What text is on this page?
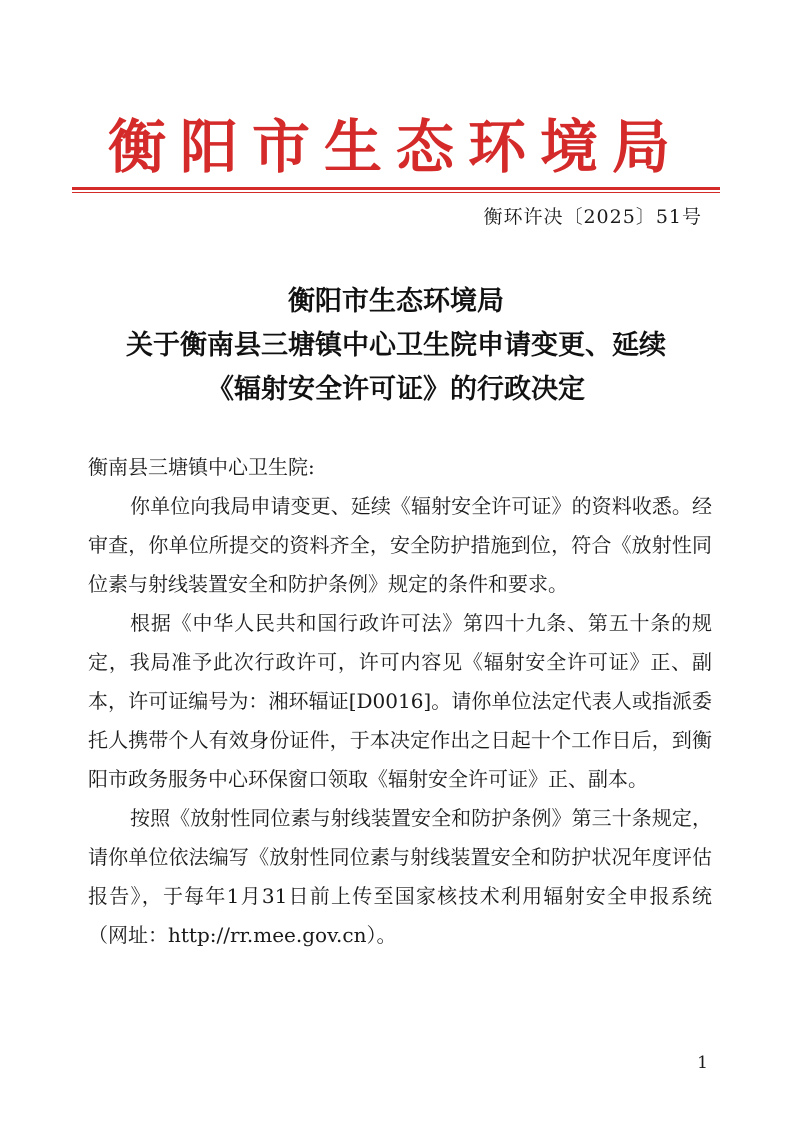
衡阳市生态环境局
衡环许决〔2025〕51号
衡阳市生态环境局
关于衡南县三塘镇中心卫生院申请变更、延续
《辐射安全许可证》的行政决定

衡南县三塘镇中心卫生院:

你单位向我局申请变更、延续《辐射安全许可证》的资料收悉。经审查，你单位所提交的资料齐全，安全防护措施到位，符合《放射性同位素与射线装置安全和防护条例》规定的条件和要求。

根据《中华人民共和国行政许可法》第四十九条、第五十条的规定，我局准予此次行政许可，许可内容见《辐射安全许可证》正、副本，许可证编号为：湘环辐证[D0016]。请你单位法定代表人或指派委托人携带个人有效身份证件，于本决定作出之日起十个工作日后，到衡阳市政务服务中心环保窗口领取《辐射安全许可证》正、副本。

按照《放射性同位素与射线装置安全和防护条例》第三十条规定，请你单位依法编写《放射性同位素与射线装置安全和防护状况年度评估报告》，于每年1月31日前上传至国家核技术利用辐射安全申报系统（网址：http://rr.mee.gov.cn）。

1
